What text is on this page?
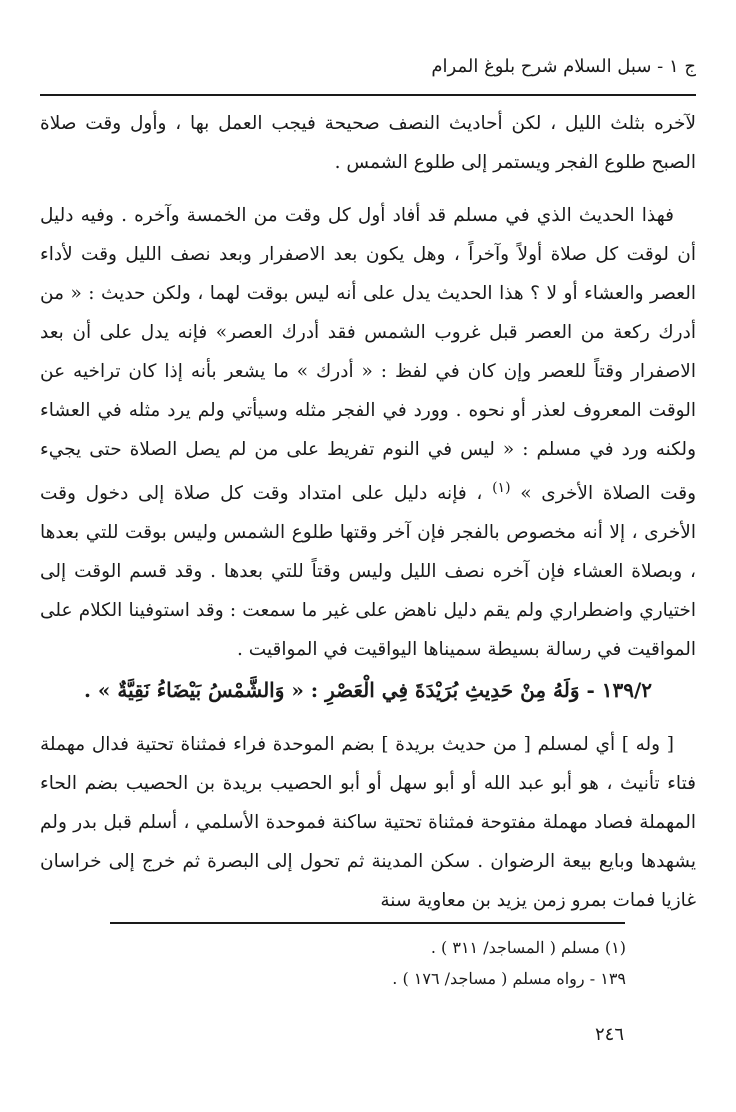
ج ١ - سبل السلام شرح بلوغ المرام

لآخره بثلث الليل ، لكن أحاديث النصف صحيحة فيجب العمل بها ، وأول وقت صلاة الصبح طلوع الفجر ويستمر إلى طلوع الشمس .

فهذا الحديث الذي في مسلم قد أفاد أول كل وقت من الخمسة وآخره . وفيه دليل أن لوقت كل صلاة أولاً وآخراً ، وهل يكون بعد الاصفرار وبعد نصف الليل وقت لأداء العصر والعشاء أو لا ؟ هذا الحديث يدل على أنه ليس بوقت لهما ، ولكن حديث : « من أدرك ركعة من العصر قبل غروب الشمس فقد أدرك العصر» فإنه يدل على أن بعد الاصفرار وقتاً للعصر وإن كان في لفظ : « أدرك » ما يشعر بأنه إذا كان تراخيه عن الوقت المعروف لعذر أو نحوه . وورد في الفجر مثله وسيأتي ولم يرد مثله في العشاء ولكنه ورد في مسلم : « ليس في النوم تفريط على من لم يصل الصلاة حتى يجيء وقت الصلاة الأخرى » $^{(١)}$ ، فإنه دليل على امتداد وقت كل صلاة إلى دخول وقت الأخرى ، إلا أنه مخصوص بالفجر فإن آخر وقتها طلوع الشمس وليس بوقت للتي بعدها ، وبصلاة العشاء فإن آخره نصف الليل وليس وقتاً للتي بعدها . وقد قسم الوقت إلى اختياري واضطراري ولم يقم دليل ناهض على غير ما سمعت : وقد استوفينا الكلام على المواقيت في رسالة بسيطة سميناها اليواقيت في المواقيت .

١٣٩/٢ - وَلَهُ مِنْ حَدِيثِ بُرَيْدَةَ فِي الْعَصْرِ : « وَالشَّمْسُ بَيْضَاءُ نَقِيَّةٌ » .

[ وله ] أي لمسلم [ من حديث بريدة ] بضم الموحدة فراء فمثناة تحتية فدال مهملة فتاء تأنيث ، هو أبو عبد الله أو أبو سهل أو أبو الحصيب بريدة بن الحصيب بضم الحاء المهملة فصاد مهملة مفتوحة فمثناة تحتية ساكنة فموحدة الأسلمي ، أسلم قبل بدر ولم يشهدها وبايع بيعة الرضوان . سكن المدينة ثم تحول إلى البصرة ثم خرج إلى خراسان غازيا فمات بمرو زمن يزيد بن معاوية سنة

(١) مسلم ( المساجد/ ٣١١ ) .

١٣٩ - رواه مسلم ( مساجد/ ١٧٦ ) .

٢٤٦
